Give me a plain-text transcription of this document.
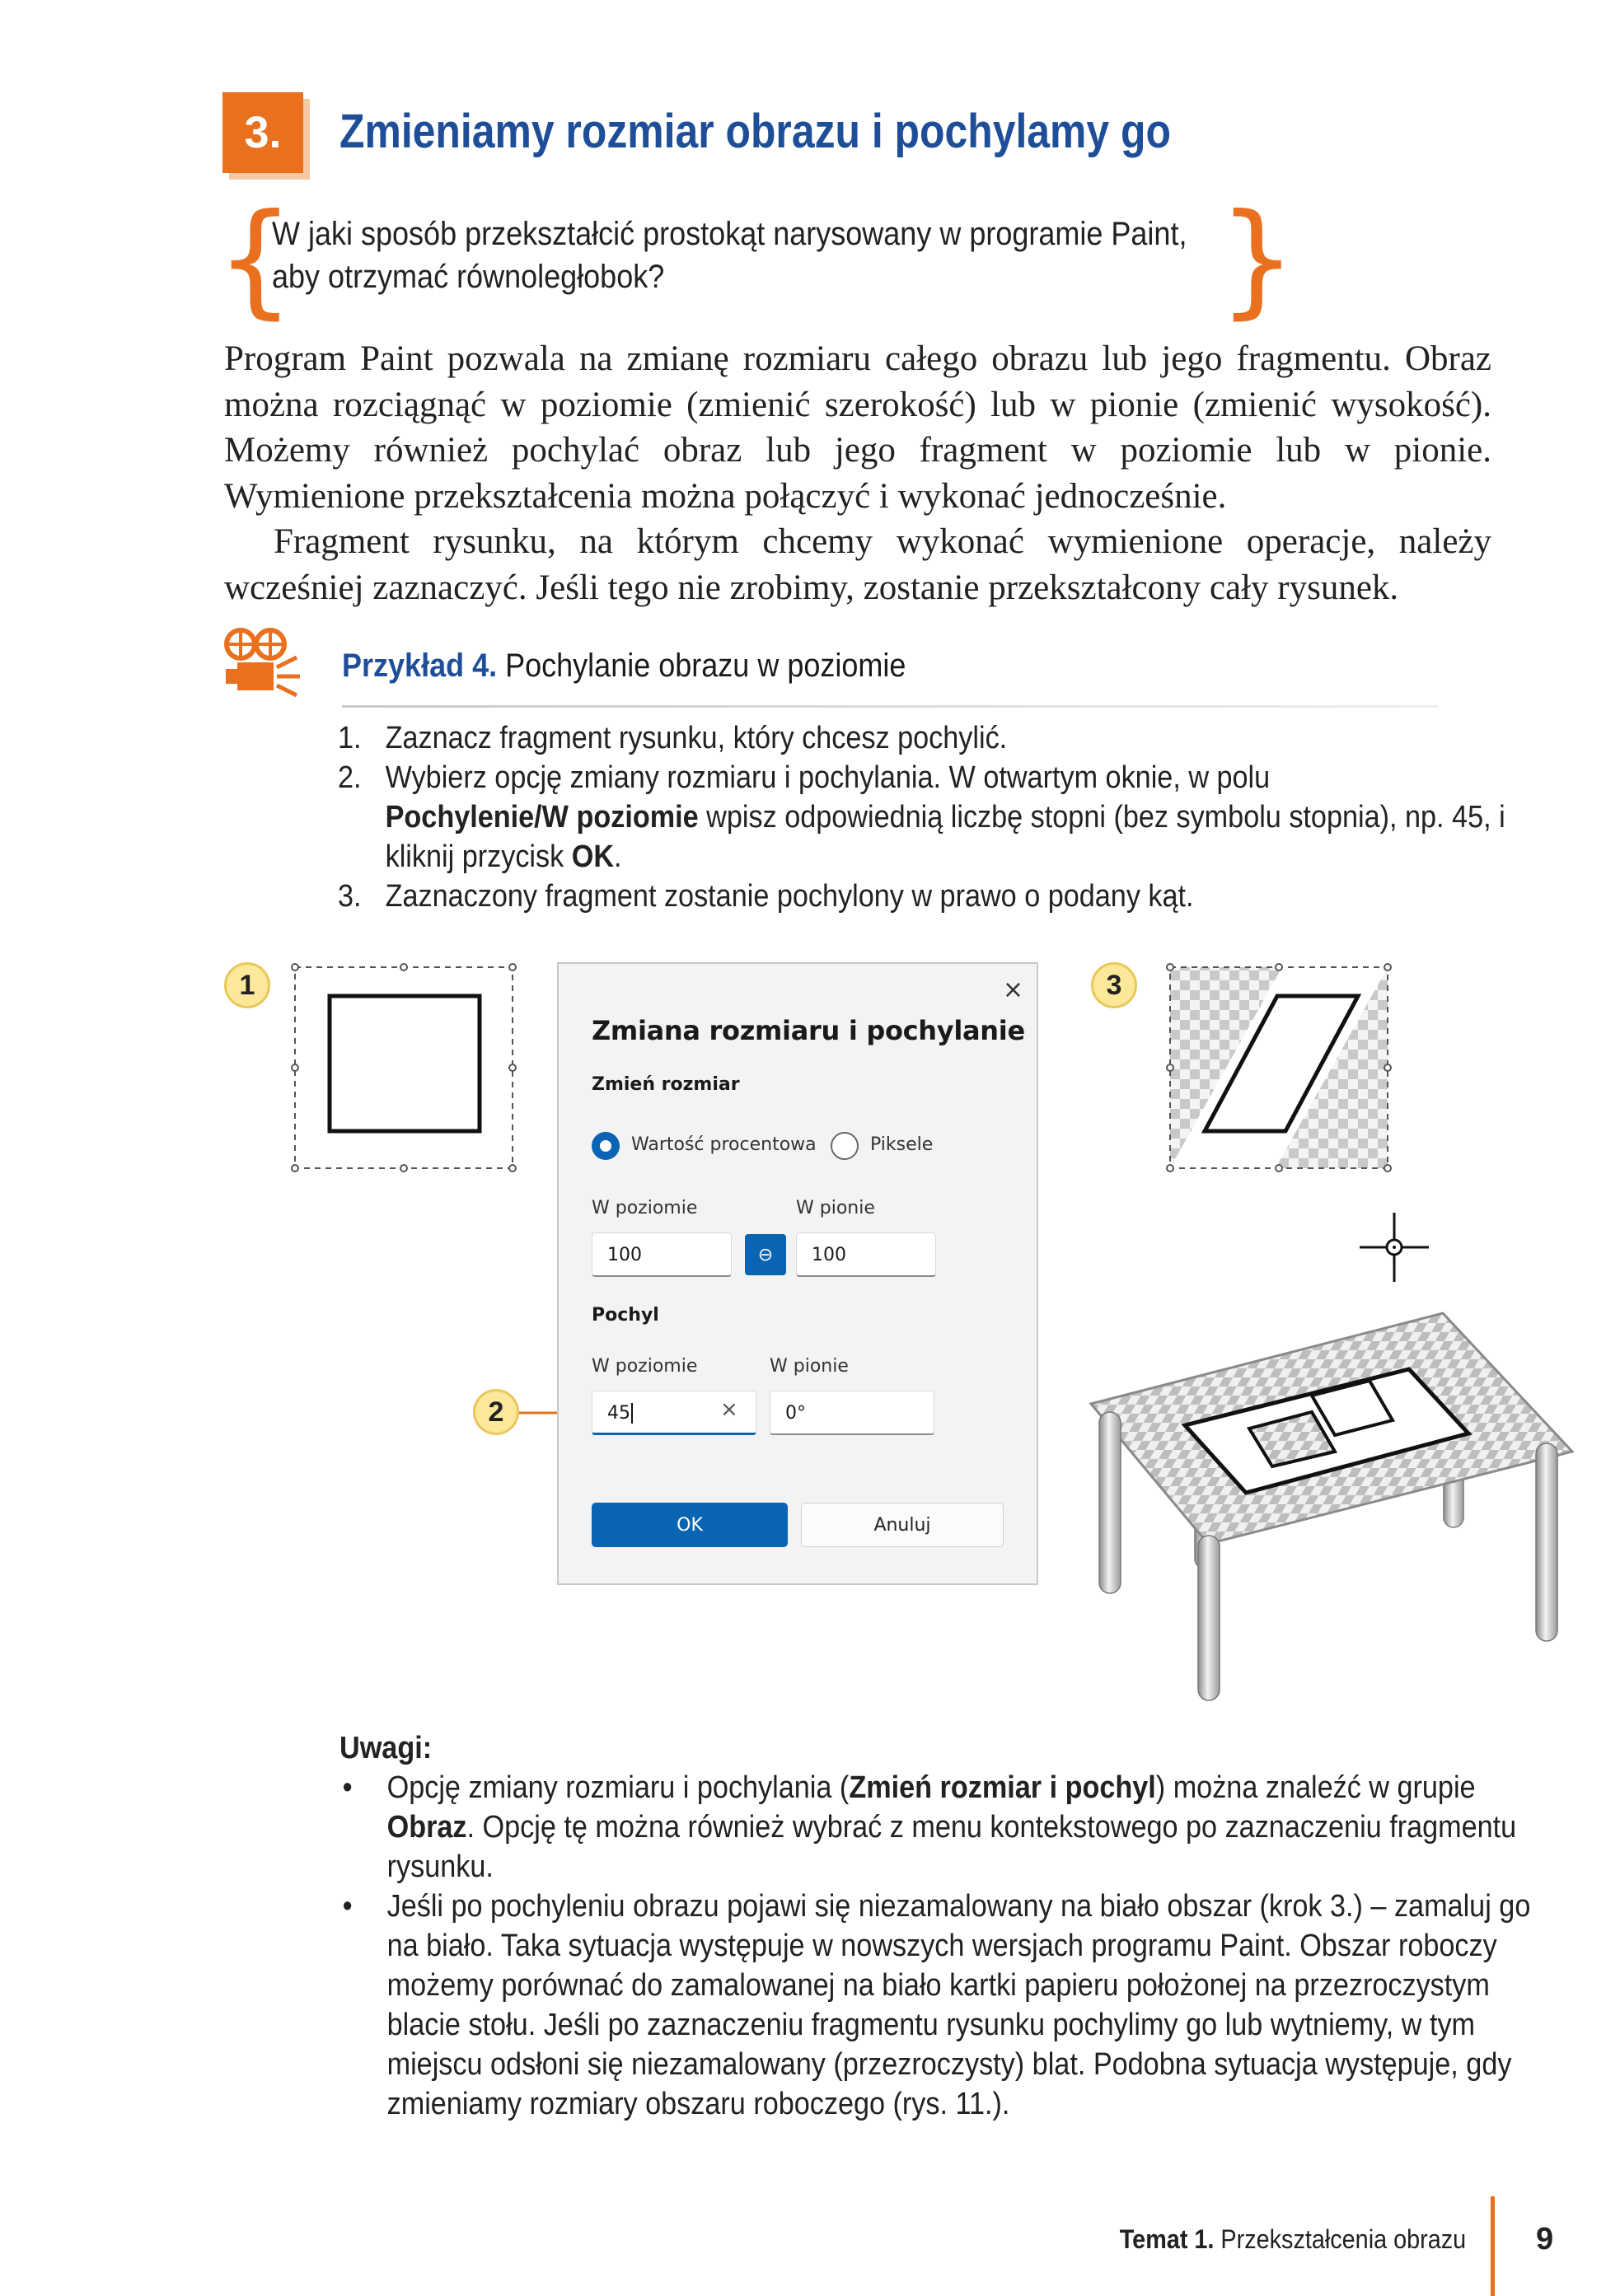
3.	Zmieniamy rozmiar obrazu i pochylamy go
{	}
W jaki sposób przekształcić prostokąt narysowany w programie Paint,
aby otrzymać równoległobok?

Program Paint pozwala na zmianę rozmiaru całego obrazu lub jego fragmentu. Obraz można rozciągnąć w poziomie (zmienić szerokość) lub w pionie (zmienić wysokość). Możemy również pochylać obraz lub jego fragment w poziomie lub w pionie. Wymienione przekształcenia można połączyć i wykonać jednocześnie.

Fragment rysunku, na którym chcemy wykonać wymienione operacje, należy wcześniej zaznaczyć. Jeśli tego nie zrobimy, zostanie przekształcony cały rysunek.

Przykład 4. Pochylanie obrazu w poziomie
1. Zaznacz fragment rysunku, który chcesz pochylić.
2. Wybierz opcję zmiany rozmiaru i pochylania. W otwartym oknie, w polu
Pochylenie/W poziomie wpisz odpowiednią liczbę stopni (bez symbolu stopnia), np. 45, i kliknij przycisk OK.
3. Zaznaczony fragment zostanie pochylony w prawo o podany kąt.
1
2
3
×
Zmiana rozmiaru i pochylanie
Zmień rozmiar
Wartość procentowa	Piksele
W poziomie	W pionie
100	⊖	100
Pochyl
W poziomie	W pionie
45	×	0°
OK	Anuluj
Uwagi:
• Opcję zmiany rozmiaru i pochylania (Zmień rozmiar i pochyl) można znaleźć w grupie Obraz. Opcję tę można również wybrać z menu kontekstowego po zaznaczeniu fragmentu rysunku.

• Jeśli po pochyleniu obrazu pojawi się niezamalowany na biało obszar (krok 3.) – zamaluj go na biało. Taka sytuacja występuje w nowszych wersjach programu Paint. Obszar roboczy możemy porównać do zamalowanej na biało kartki papieru położonej na przezroczystym blacie stołu. Jeśli po zaznaczeniu fragmentu rysunku pochylimy go lub wytniemy, w tym miejscu odsłoni się niezamalowany (przezroczysty) blat. Podobna sytuacja występuje, gdy zmieniamy rozmiary obszaru roboczego (rys. 11.).

Temat 1. Przekształcenia obrazu 9
